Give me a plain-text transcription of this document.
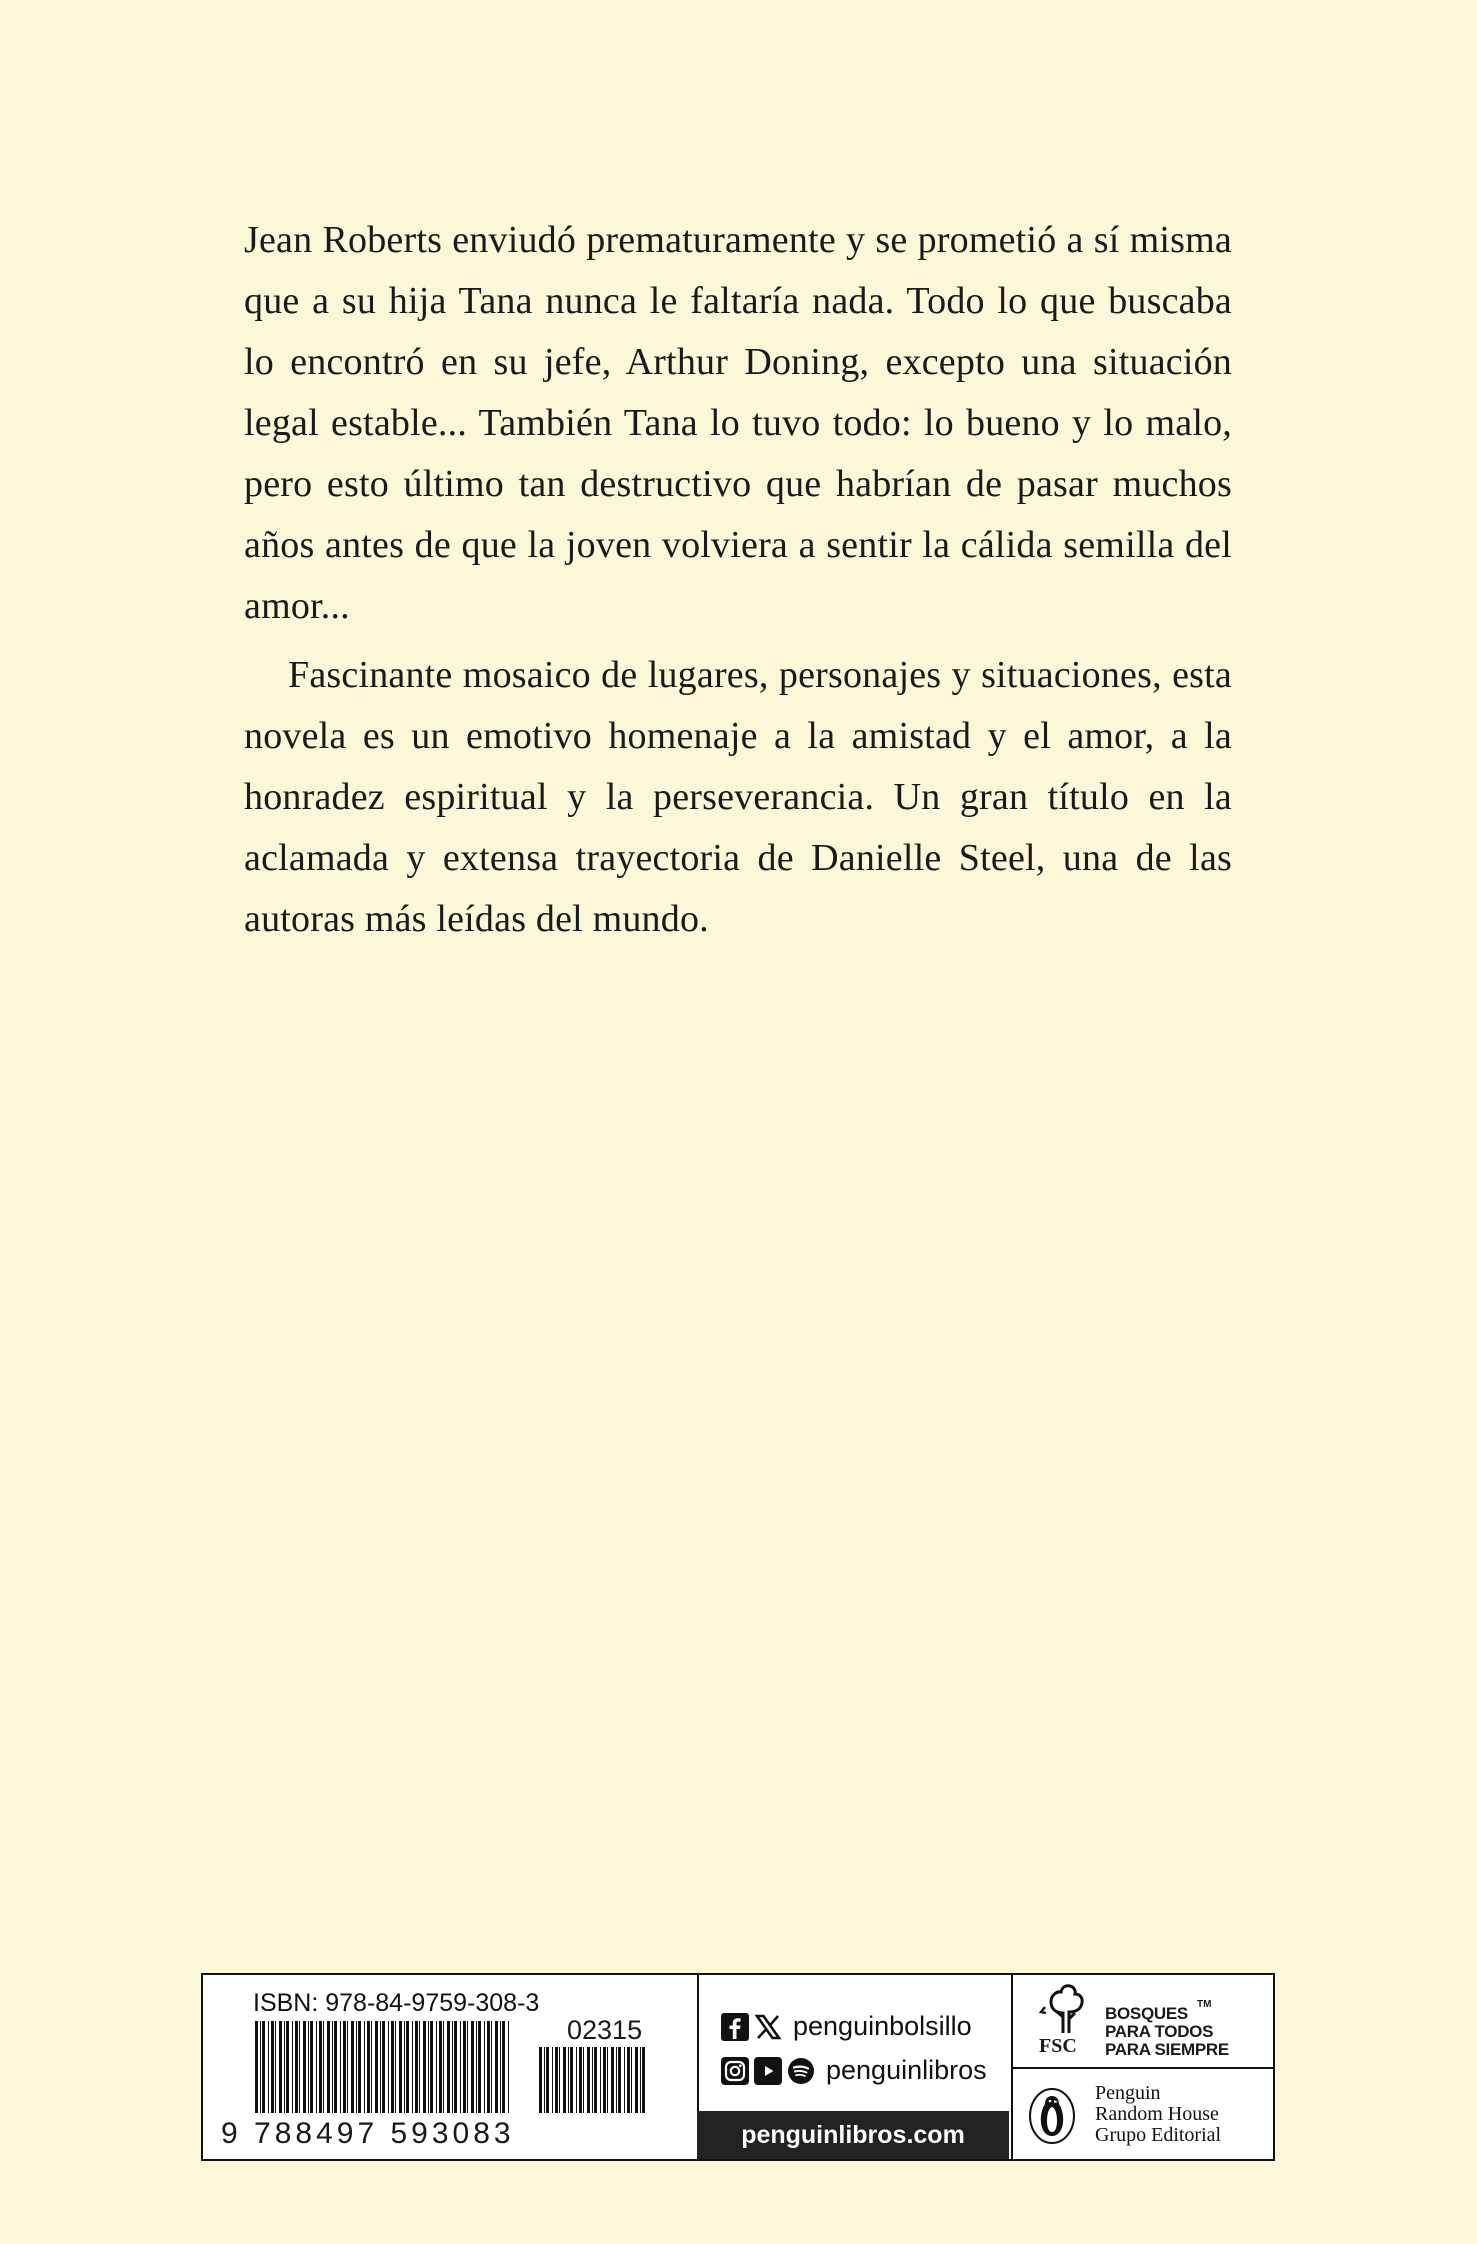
Jean Roberts enviudó prematuramente y se prometió a sí misma que a su hija Tana nunca le faltaría nada. Todo lo que buscaba lo encontró en su jefe, Arthur Doning, excepto una situación legal estable... También Tana lo tuvo todo: lo bueno y lo malo, pero esto último tan destructivo que habrían de pasar muchos años antes de que la joven volviera a sentir la cálida semilla del amor...

Fascinante mosaico de lugares, personajes y situaciones, esta novela es un emotivo homenaje a la amistad y el amor, a la honradez espiritual y la perseverancia. Un gran título en la aclamada y extensa trayectoria de Danielle Steel, una de las autoras más leídas del mundo.

ISBN: 978-84-9759-308-3
02315
9 788497 593083
penguinbolsillo
penguinlibros
penguinlibros.com
FSC
TM
BOSQUES
PARA TODOS
PARA SIEMPRE
Penguin
Random House
Grupo Editorial
